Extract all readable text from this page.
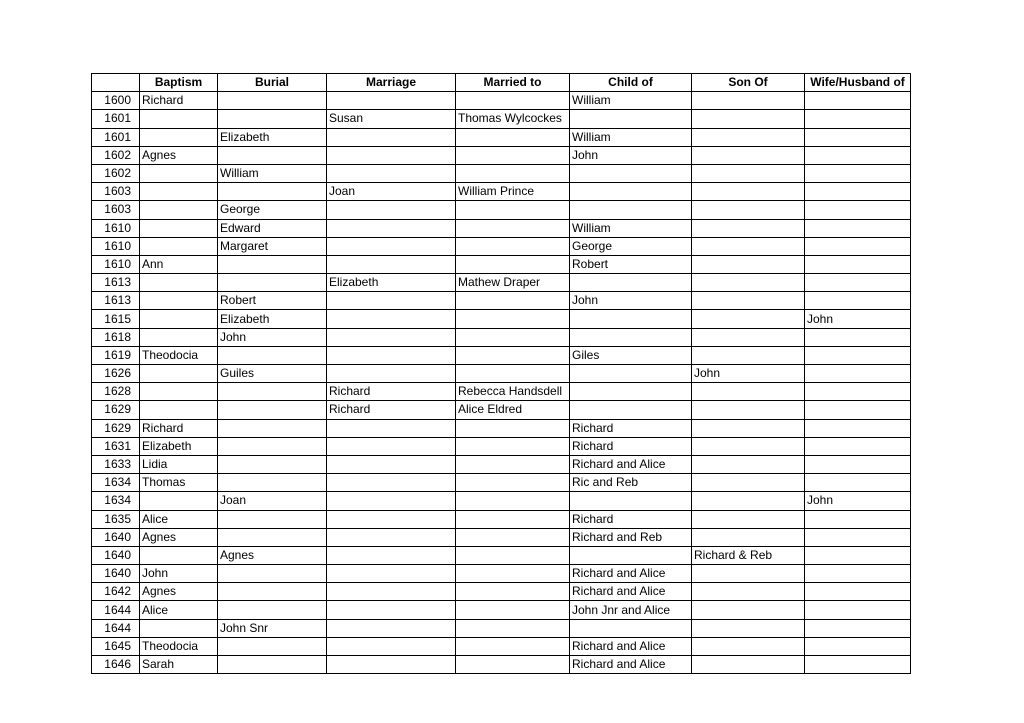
	Baptism	Burial	Marriage	Married to	Child of	Son Of	Wife/Husband of
1600	Richard				William		
1601			Susan	Thomas Wylcockes			
1601		Elizabeth			William		
1602	Agnes				John		
1602		William					
1603			Joan	William Prince			
1603		George					
1610		Edward			William		
1610		Margaret			George		
1610	Ann				Robert		
1613			Elizabeth	Mathew Draper			
1613		Robert			John		
1615		Elizabeth					John
1618		John					
1619	Theodocia				Giles		
1626		Guiles				John	
1628			Richard	Rebecca Handsdell			
1629			Richard	Alice Eldred			
1629	Richard				Richard		
1631	Elizabeth				Richard		
1633	Lidia				Richard and Alice		
1634	Thomas				Ric and Reb		
1634		Joan					John
1635	Alice				Richard		
1640	Agnes				Richard and Reb		
1640		Agnes				Richard & Reb	
1640	John				Richard and Alice		
1642	Agnes				Richard and Alice		
1644	Alice				John Jnr and Alice		
1644		John Snr					
1645	Theodocia				Richard and Alice		
1646	Sarah				Richard and Alice		
